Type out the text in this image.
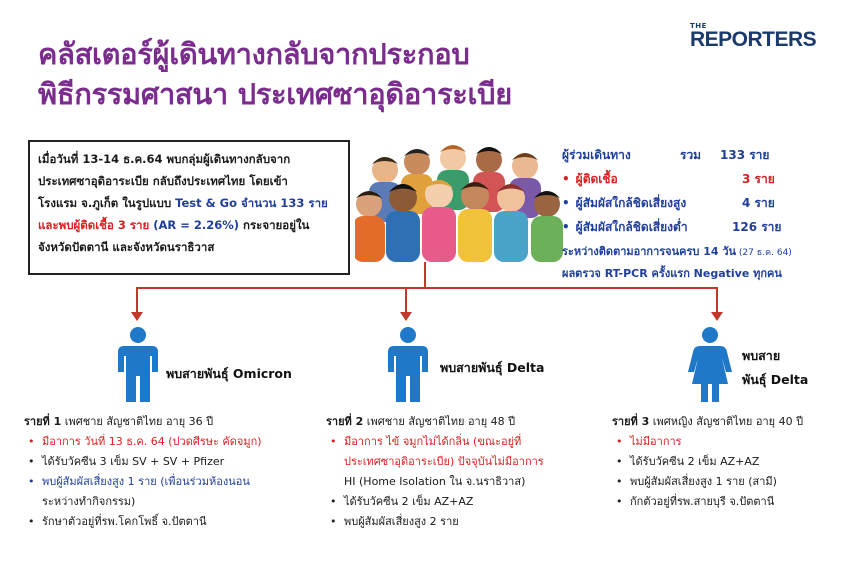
คลัสเตอร์ผู้เดินทางกลับจากประกอบ
พิธีกรรมศาสนา ประเทศซาอุดิอาระเบีย
THE
REPORTERS
เมื่อวันที่ 13-14 ธ.ค.64 พบกลุ่มผู้เดินทางกลับจาก
ประเทศซาอุดิอาระเบีย กลับถึงประเทศไทย โดยเข้า
โรงแรม จ.ภูเก็ต ในรูปแบบ Test & Go จำนวน 133 ราย
และพบผู้ติดเชื้อ 3 ราย (AR = 2.26%) กระจายอยู่ใน
จังหวัดปัตตานี และจังหวัดนราธิวาส
ผู้ร่วมเดินทาง	รวม 133 ราย
• ผู้ติดเชื้อ	3 ราย
• ผู้สัมผัสใกล้ชิดเสี่ยงสูง	4 ราย
• ผู้สัมผัสใกล้ชิดเสี่ยงต่ำ	126 ราย
ระหว่างติดตามอาการจนครบ 14 วัน (27 ธ.ค. 64)
ผลตรวจ RT-PCR ครั้งแรก Negative ทุกคน
พบสายพันธุ์ Omicron	พบสายพันธุ์ Delta
พบสาย
พันธุ์ Delta
รายที่ 1 เพศชาย สัญชาติไทย อายุ 36 ปี
• มีอาการ วันที่ 13 ธ.ค. 64 (ปวดศีรษะ คัดจมูก)
• ได้รับวัคซีน 3 เข็ม SV + SV + Pfizer
• พบผู้สัมผัสเสี่ยงสูง 1 ราย (เพื่อนร่วมห้องนอน
ระหว่างทำกิจกรรม)
• รักษาตัวอยู่ที่รพ.โคกโพธิ์ จ.ปัตตานี
รายที่ 2 เพศชาย สัญชาติไทย อายุ 48 ปี
• มีอาการ ไข้ จมูกไม่ได้กลิ่น (ขณะอยู่ที่
ประเทศซาอุดิอาระเบีย) ปัจจุบันไม่มีอาการ
HI (Home Isolation ใน จ.นราธิวาส)
• ได้รับวัคซีน 2 เข็ม AZ+AZ
• พบผู้สัมผัสเสี่ยงสูง 2 ราย
รายที่ 3 เพศหญิง สัญชาติไทย อายุ 40 ปี
• ไม่มีอาการ
• ได้รับวัคซีน 2 เข็ม AZ+AZ
• พบผู้สัมผัสเสี่ยงสูง 1 ราย (สามี)
• กักตัวอยู่ที่รพ.สายบุรี จ.ปัตตานี
